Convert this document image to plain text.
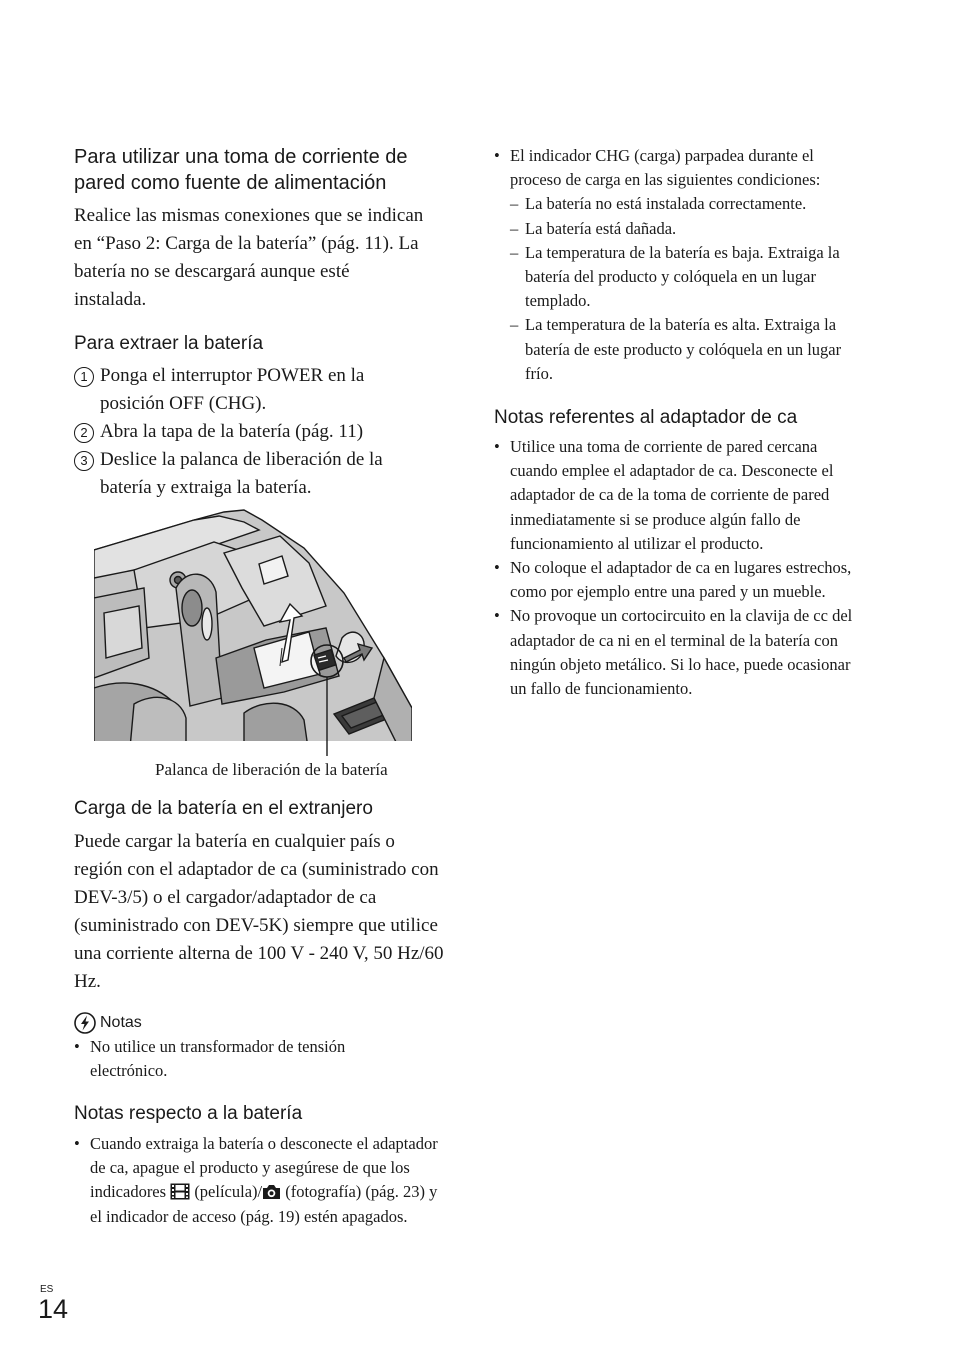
Para utilizar una toma de corriente de pared como fuente de alimentación
Realice las mismas conexiones que se indican en “Paso 2: Carga de la batería” (pág. 11). La batería no se descargará aunque esté instalada.
Para extraer la batería
1 Ponga el interruptor POWER en la posición OFF (CHG).
2 Abra la tapa de la batería (pág. 11)
3 Deslice la palanca de liberación de la batería y extraiga la batería.
Palanca de liberación de la batería
Carga de la batería en el extranjero
Puede cargar la batería en cualquier país o región con el adaptador de ca (suministrado con DEV-3/5) o el cargador/adaptador de ca (suministrado con DEV-5K) siempre que utilice una corriente alterna de 100 V - 240 V, 50 Hz/60 Hz.
Notas
• No utilice un transformador de tensión electrónico.
Notas respecto a la batería
• Cuando extraiga la batería o desconecte el adaptador de ca, apague el producto y asegúrese de que los indicadores (película)/ (fotografía) (pág. 23) y el indicador de acceso (pág. 19) estén apagados.
• El indicador CHG (carga) parpadea durante el proceso de carga en las siguientes condiciones:
– La batería no está instalada correctamente.
– La batería está dañada.
– La temperatura de la batería es baja. Extraiga la batería del producto y colóquela en un lugar templado.
– La temperatura de la batería es alta. Extraiga la batería de este producto y colóquela en un lugar frío.
Notas referentes al adaptador de ca
• Utilice una toma de corriente de pared cercana cuando emplee el adaptador de ca. Desconecte el adaptador de ca de la toma de corriente de pared inmediatamente si se produce algún fallo de funcionamiento al utilizar el producto.
• No coloque el adaptador de ca en lugares estrechos, como por ejemplo entre una pared y un mueble.
• No provoque un cortocircuito en la clavija de cc del adaptador de ca ni en el terminal de la batería con ningún objeto metálico. Si lo hace, puede ocasionar un fallo de funcionamiento.
ES
14
